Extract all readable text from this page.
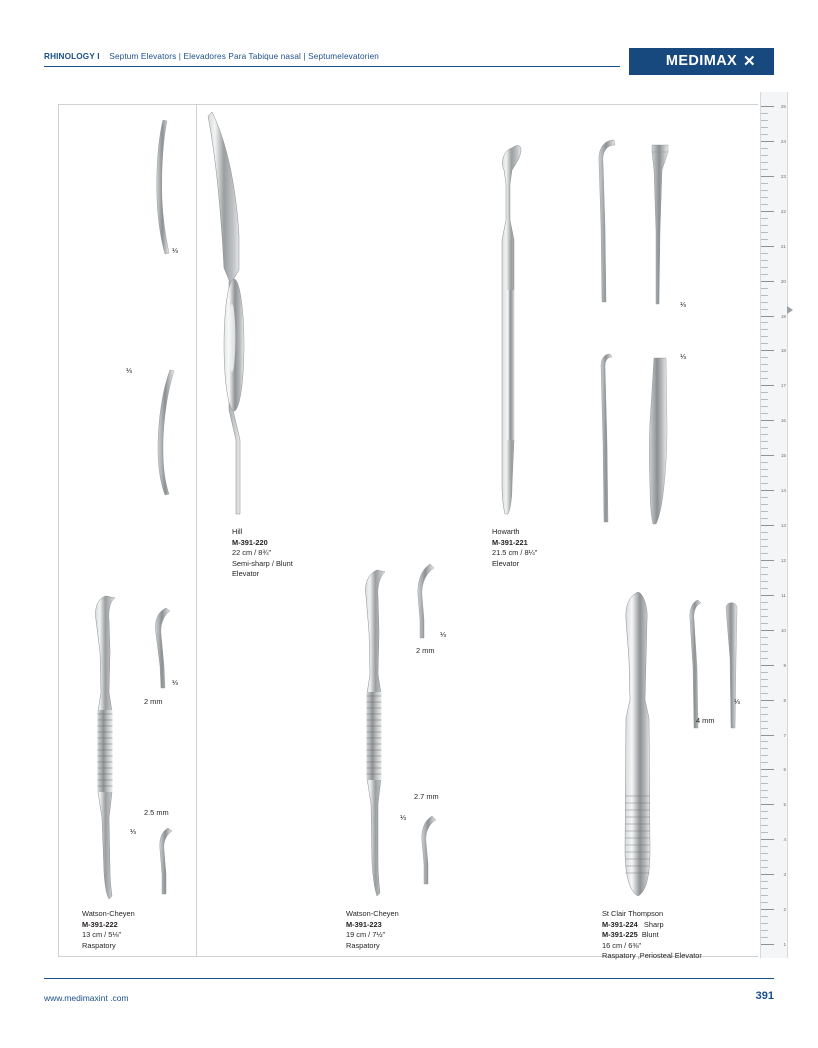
RHINOLOGY I Septum Elevators | Elevadores Para Tabique nasal | Septumelevatorien	MEDIMAX ✕
⅓
⅓
Hill
M-391-220
22 cm / 8¾"
Semi-sharp / Blunt
Elevator
Howarth
M-391-221
21.5 cm / 8¼"
Elevator
⅓
⅓
⅓
2 mm
2.5 mm
⅓
Watson-Cheyen
M-391-222
13 cm / 5⅛"
Raspatory
⅓
2 mm
2.7 mm
⅓
Watson-Cheyen
M-391-223
19 cm / 7½"
Raspatory
⅓
4 mm
St Clair Thompson
M-391-224 Sharp
M-391-225 Blunt
16 cm / 6⅜"
Raspatory ,Periosteal Elevator
25
24
23
22
21
20
19
18
17
16
15
14
13
12
11
10
9
8
7
6
5
4
3
2
1
www.medimaxint .com	391
